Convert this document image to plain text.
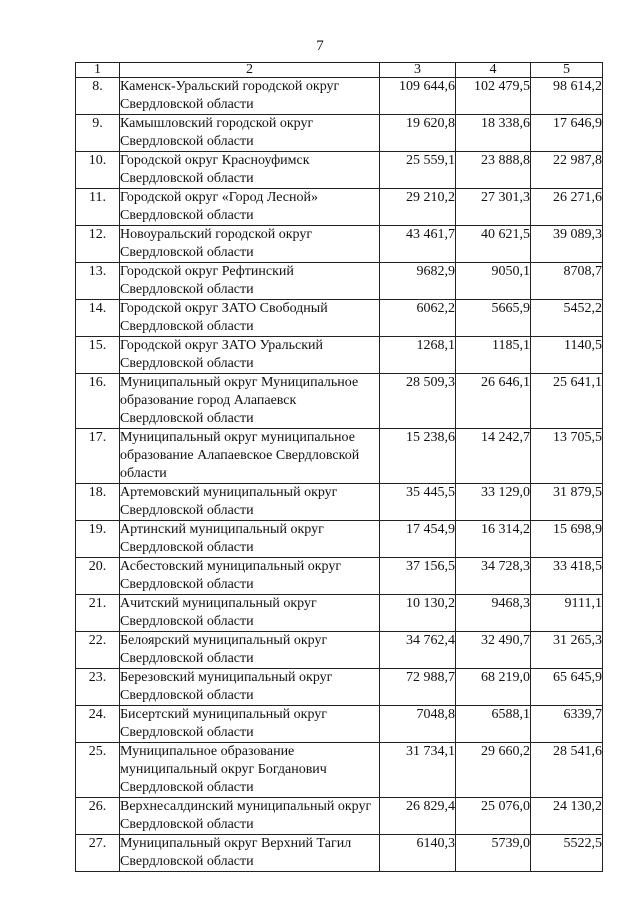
7
1	2	3	4	5
8.	Каменск-Уральский городской округ Свердловской области	109 644,6	102 479,5	98 614,2
9.	Камышловский городской округ Свердловской области	19 620,8	18 338,6	17 646,9
10.	Городской округ Красноуфимск Свердловской области	25 559,1	23 888,8	22 987,8
11.	Городской округ «Город Лесной» Свердловской области	29 210,2	27 301,3	26 271,6
12.	Новоуральский городской округ Свердловской области	43 461,7	40 621,5	39 089,3
13.	Городской округ Рефтинский Свердловской области	9682,9	9050,1	8708,7
14.	Городской округ ЗАТО Свободный Свердловской области	6062,2	5665,9	5452,2
15.	Городской округ ЗАТО Уральский Свердловской области	1268,1	1185,1	1140,5
16.	Муниципальный округ Муниципальное образование город Алапаевск Свердловской области	28 509,3	26 646,1	25 641,1
17.	Муниципальный округ муниципальное образование Алапаевское Свердловской области	15 238,6	14 242,7	13 705,5
18.	Артемовский муниципальный округ Свердловской области	35 445,5	33 129,0	31 879,5
19.	Артинский муниципальный округ Свердловской области	17 454,9	16 314,2	15 698,9
20.	Асбестовский муниципальный округ Свердловской области	37 156,5	34 728,3	33 418,5
21.	Ачитский муниципальный округ Свердловской области	10 130,2	9468,3	9111,1
22.	Белоярский муниципальный округ Свердловской области	34 762,4	32 490,7	31 265,3
23.	Березовский муниципальный округ Свердловской области	72 988,7	68 219,0	65 645,9
24.	Бисертский муниципальный округ Свердловской области	7048,8	6588,1	6339,7
25.	Муниципальное образование муниципальный округ Богданович Свердловской области	31 734,1	29 660,2	28 541,6
26.	Верхнесалдинский муниципальный округ Свердловской области	26 829,4	25 076,0	24 130,2
27.	Муниципальный округ Верхний Тагил Свердловской области	6140,3	5739,0	5522,5
